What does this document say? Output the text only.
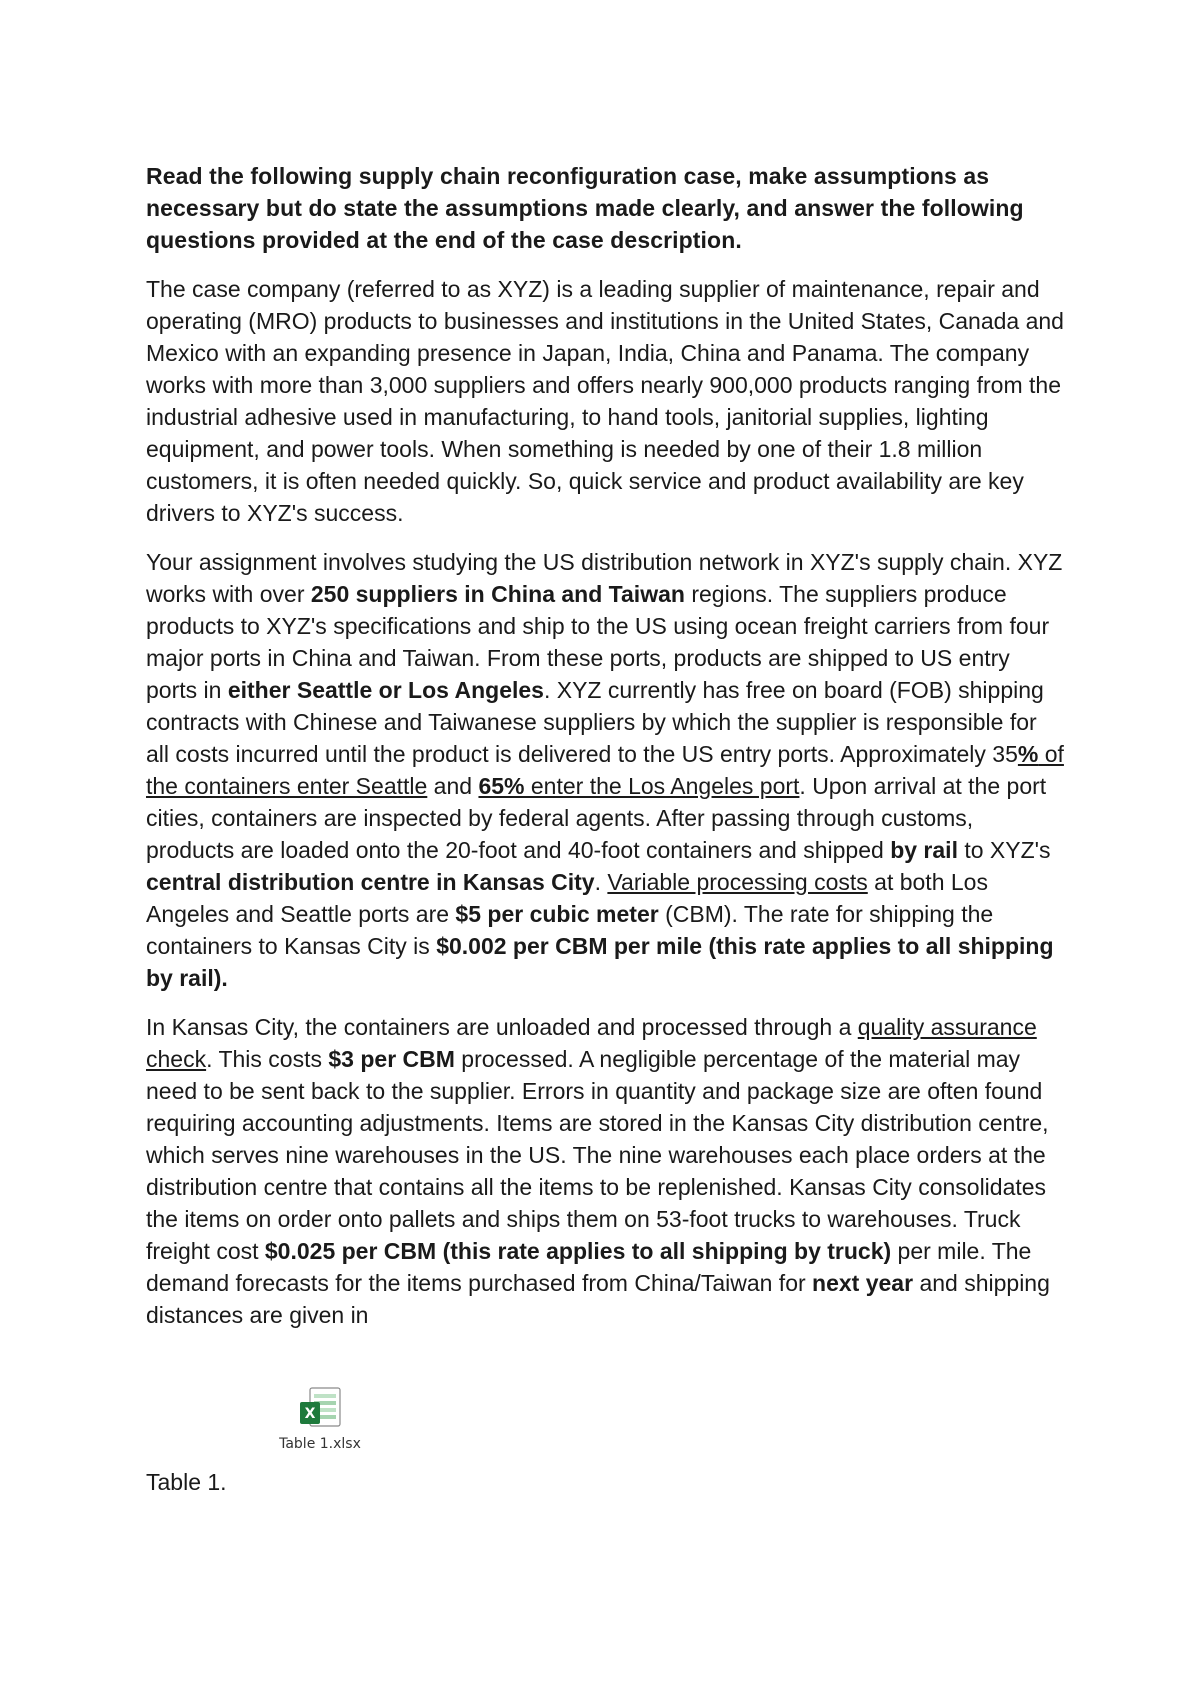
Read the following supply chain reconfiguration case, make assumptions as necessary but do state the assumptions made clearly, and answer the following questions provided at the end of the case description.

The case company (referred to as XYZ) is a leading supplier of maintenance, repair and operating (MRO) products to businesses and institutions in the United States, Canada and Mexico with an expanding presence in Japan, India, China and Panama. The company works with more than 3,000 suppliers and offers nearly 900,000 products ranging from the industrial adhesive used in manufacturing, to hand tools, janitorial supplies, lighting equipment, and power tools. When something is needed by one of their 1.8 million customers, it is often needed quickly. So, quick service and product availability are key drivers to XYZ's success.

Your assignment involves studying the US distribution network in XYZ's supply chain. XYZ works with over 250 suppliers in China and Taiwan regions. The suppliers produce products to XYZ's specifications and ship to the US using ocean freight carriers from four major ports in China and Taiwan. From these ports, products are shipped to US entry ports in either Seattle or Los Angeles. XYZ currently has free on board (FOB) shipping contracts with Chinese and Taiwanese suppliers by which the supplier is responsible for all costs incurred until the product is delivered to the US entry ports. Approximately 35% of the containers enter Seattle and 65% enter the Los Angeles port. Upon arrival at the port cities, containers are inspected by federal agents. After passing through customs, products are loaded onto the 20-foot and 40-foot containers and shipped by rail to XYZ's central distribution centre in Kansas City. Variable processing costs at both Los Angeles and Seattle ports are $5 per cubic meter (CBM). The rate for shipping the containers to Kansas City is $0.002 per CBM per mile (this rate applies to all shipping by rail).

In Kansas City, the containers are unloaded and processed through a quality assurance check. This costs $3 per CBM processed. A negligible percentage of the material may need to be sent back to the supplier. Errors in quantity and package size are often found requiring accounting adjustments. Items are stored in the Kansas City distribution centre, which serves nine warehouses in the US. The nine warehouses each place orders at the distribution centre that contains all the items to be replenished. Kansas City consolidates the items on order onto pallets and ships them on 53-foot trucks to warehouses. Truck freight cost $0.025 per CBM (this rate applies to all shipping by truck) per mile. The demand forecasts for the items purchased from China/Taiwan for next year and shipping distances are given in

X
Table 1.xlsx
Table 1.
